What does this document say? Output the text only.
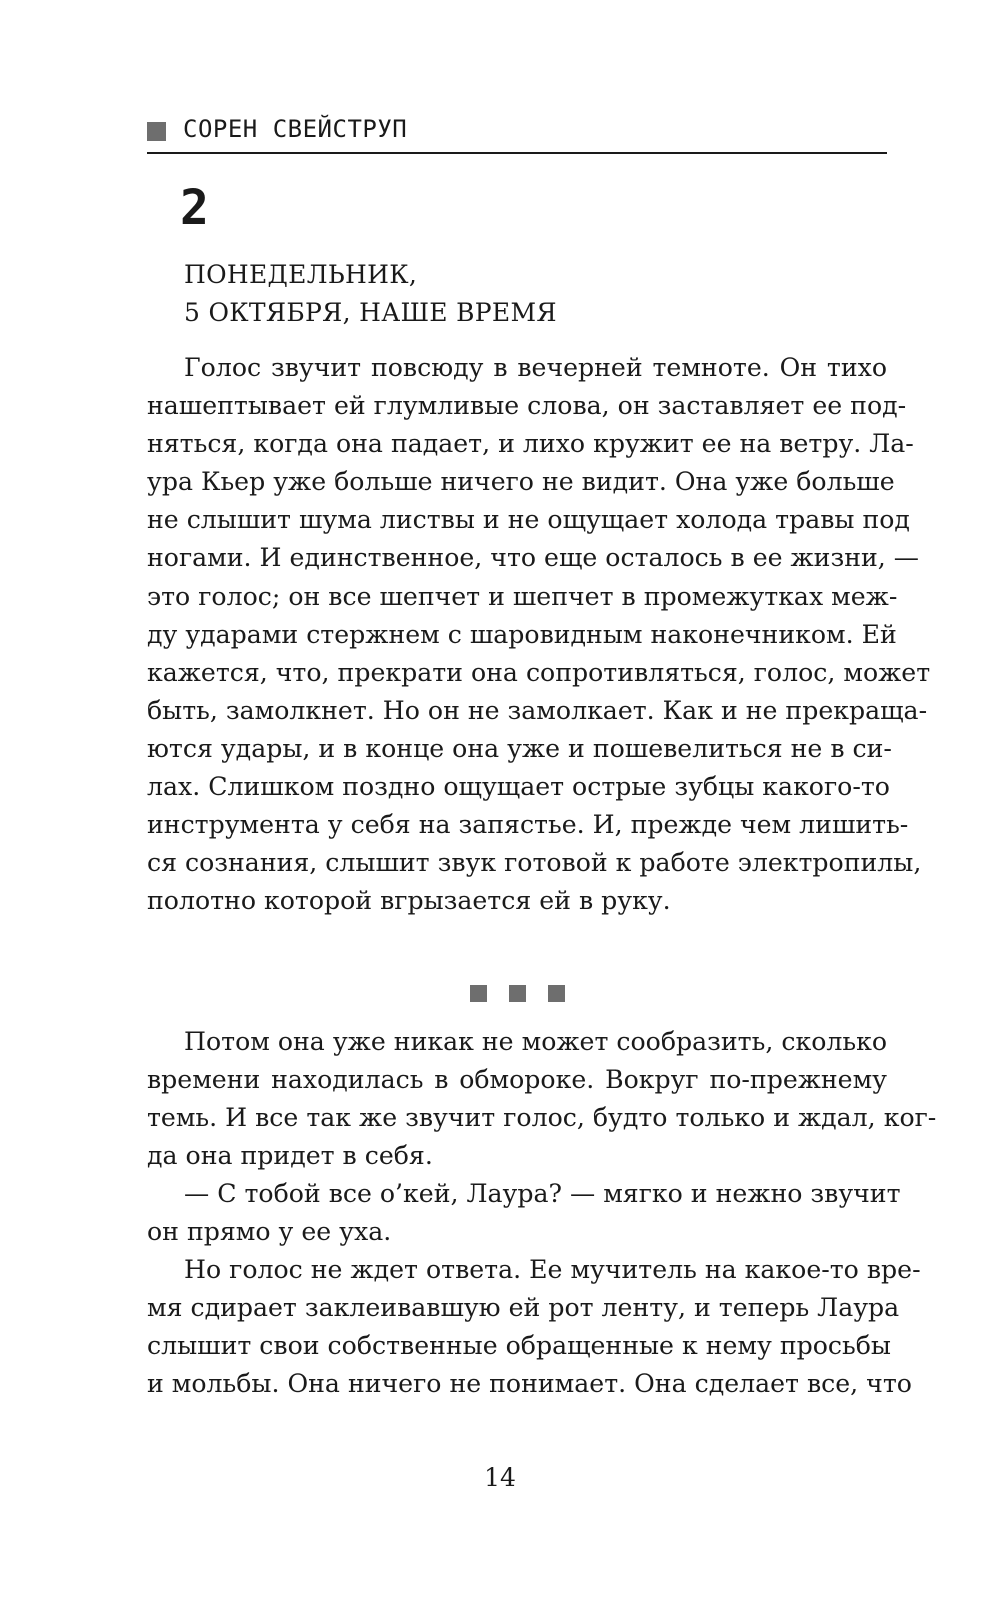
СОРЕН СВЕЙСТРУП
2
ПОНЕДЕЛЬНИК,
5 ОКТЯБРЯ, НАШЕ ВРЕМЯ
Голос звучит повсюду в вечерней темноте. Он тихо
нашептывает ей глумливые слова, он заставляет ее под-
няться, когда она падает, и лихо кружит ее на ветру. Ла-
ура Кьер уже больше ничего не видит. Она уже больше
не слышит шума листвы и не ощущает холода травы под
ногами. И единственное, что еще осталось в ее жизни, —
это голос; он все шепчет и шепчет в промежутках меж-
ду ударами стержнем с шаровидным наконечником. Ей
кажется, что, прекрати она сопротивляться, голос, может
быть, замолкнет. Но он не замолкает. Как и не прекраща-
ются удары, и в конце она уже и пошевелиться не в си-
лах. Слишком поздно ощущает острые зубцы какого-то
инструмента у себя на запястье. И, прежде чем лишить-
ся сознания, слышит звук готовой к работе электропилы,
полотно которой вгрызается ей в руку.
Потом она уже никак не может сообразить, сколько
времени находилась в обмороке. Вокруг по-прежнему
темь. И все так же звучит голос, будто только и ждал, ког-
да она придет в себя.
— С тобой все о’кей, Лаура? — мягко и нежно звучит
он прямо у ее уха.
Но голос не ждет ответа. Ее мучитель на какое-то вре-
мя сдирает заклеивавшую ей рот ленту, и теперь Лаура
слышит свои собственные обращенные к нему просьбы
и мольбы. Она ничего не понимает. Она сделает все, что
14
